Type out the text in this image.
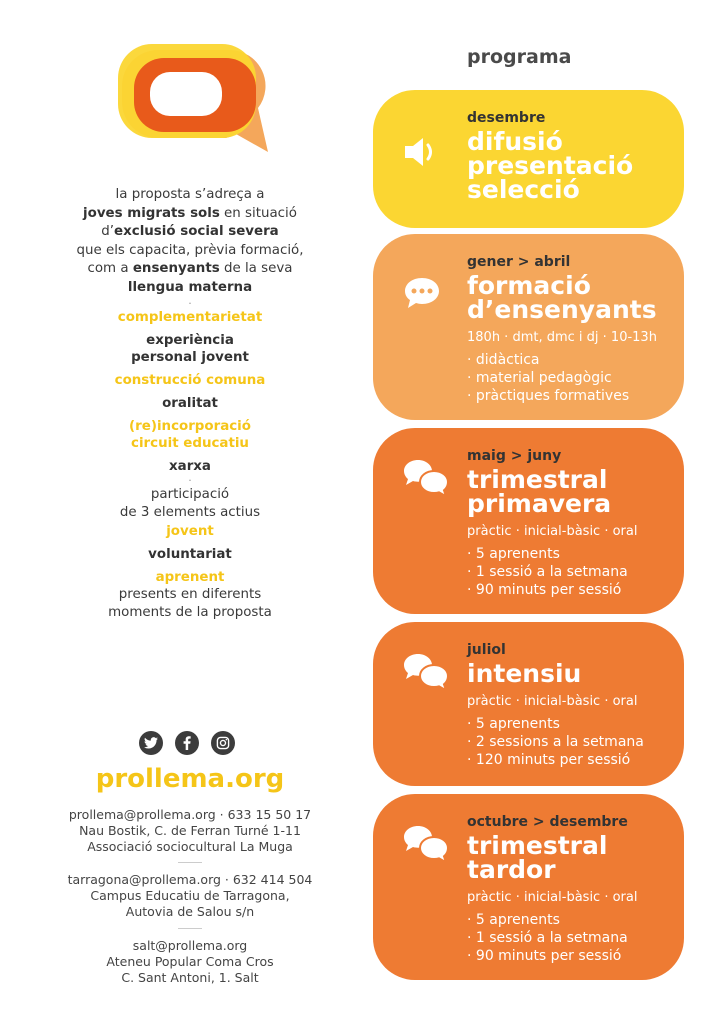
la proposta s’adreça a

joves migrats sols en situació

d’exclusió social severa

que els capacita, prèvia formació,

com a ensenyants de la seva

llengua materna

·

complementarietat
experiència
personal jovent
construcció comuna
oralitat
(re)incorporació
circuit educatiu
xarxa

·

participació

de 3 elements actius

jovent
voluntariat
aprenent

presents en diferents

moments de la proposta

prollema.org

prollema@prollema.org · 633 15 50 17

Nau Bostik, C. de Ferran Turné 1-11

Associació sociocultural La Muga

tarragona@prollema.org · 632 414 504

Campus Educatiu de Tarragona,

Autovia de Salou s/n

salt@prollema.org

Ateneu Popular Coma Cros

C. Sant Antoni, 1. Salt

programa
desembre
difusió
presentació
selecció
gener > abril
formació
d’ensenyants
180h · dmt, dmc i dj · 10-13h
· didàctica
· material pedagògic
· pràctiques formatives
maig > juny
trimestral
primavera
pràctic · inicial-bàsic · oral
· 5 aprenents
· 1 sessió a la setmana
· 90 minuts per sessió
juliol
intensiu
pràctic · inicial-bàsic · oral
· 5 aprenents
· 2 sessions a la setmana
· 120 minuts per sessió
octubre > desembre
trimestral
tardor
pràctic · inicial-bàsic · oral
· 5 aprenents
· 1 sessió a la setmana
· 90 minuts per sessió
